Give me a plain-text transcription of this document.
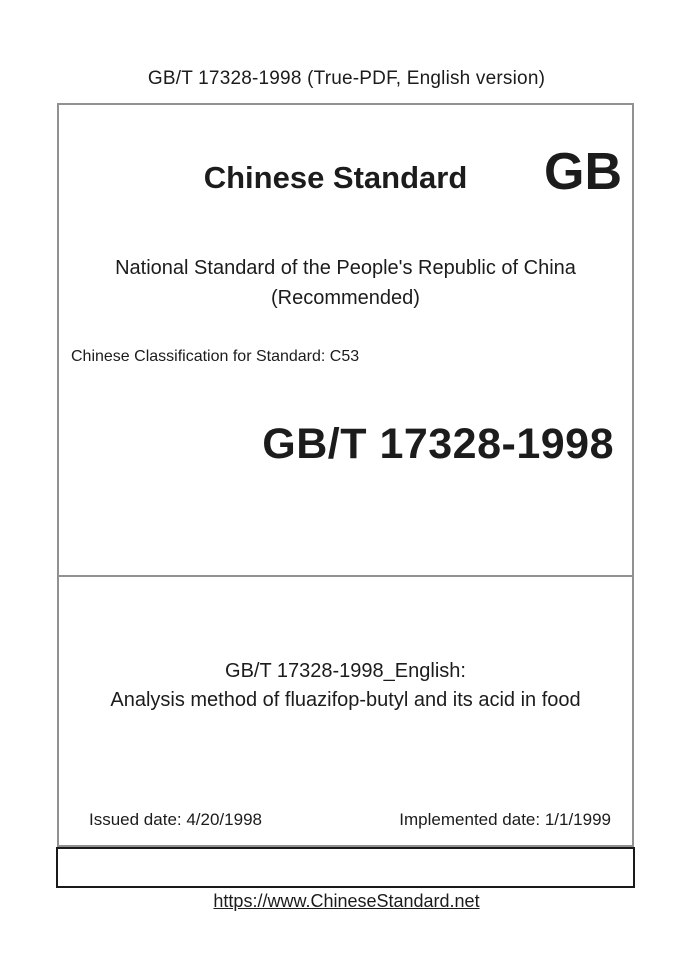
GB/T 17328-1998 (True-PDF, English version)
Chinese Standard	GB
National Standard of the People's Republic of China
(Recommended)
Chinese Classification for Standard: C53
GB/T 17328-1998
GB/T 17328-1998_English:
Analysis method of fluazifop-butyl and its acid in food
Issued date: 4/20/1998	Implemented date: 1/1/1999
https://www.ChineseStandard.net
